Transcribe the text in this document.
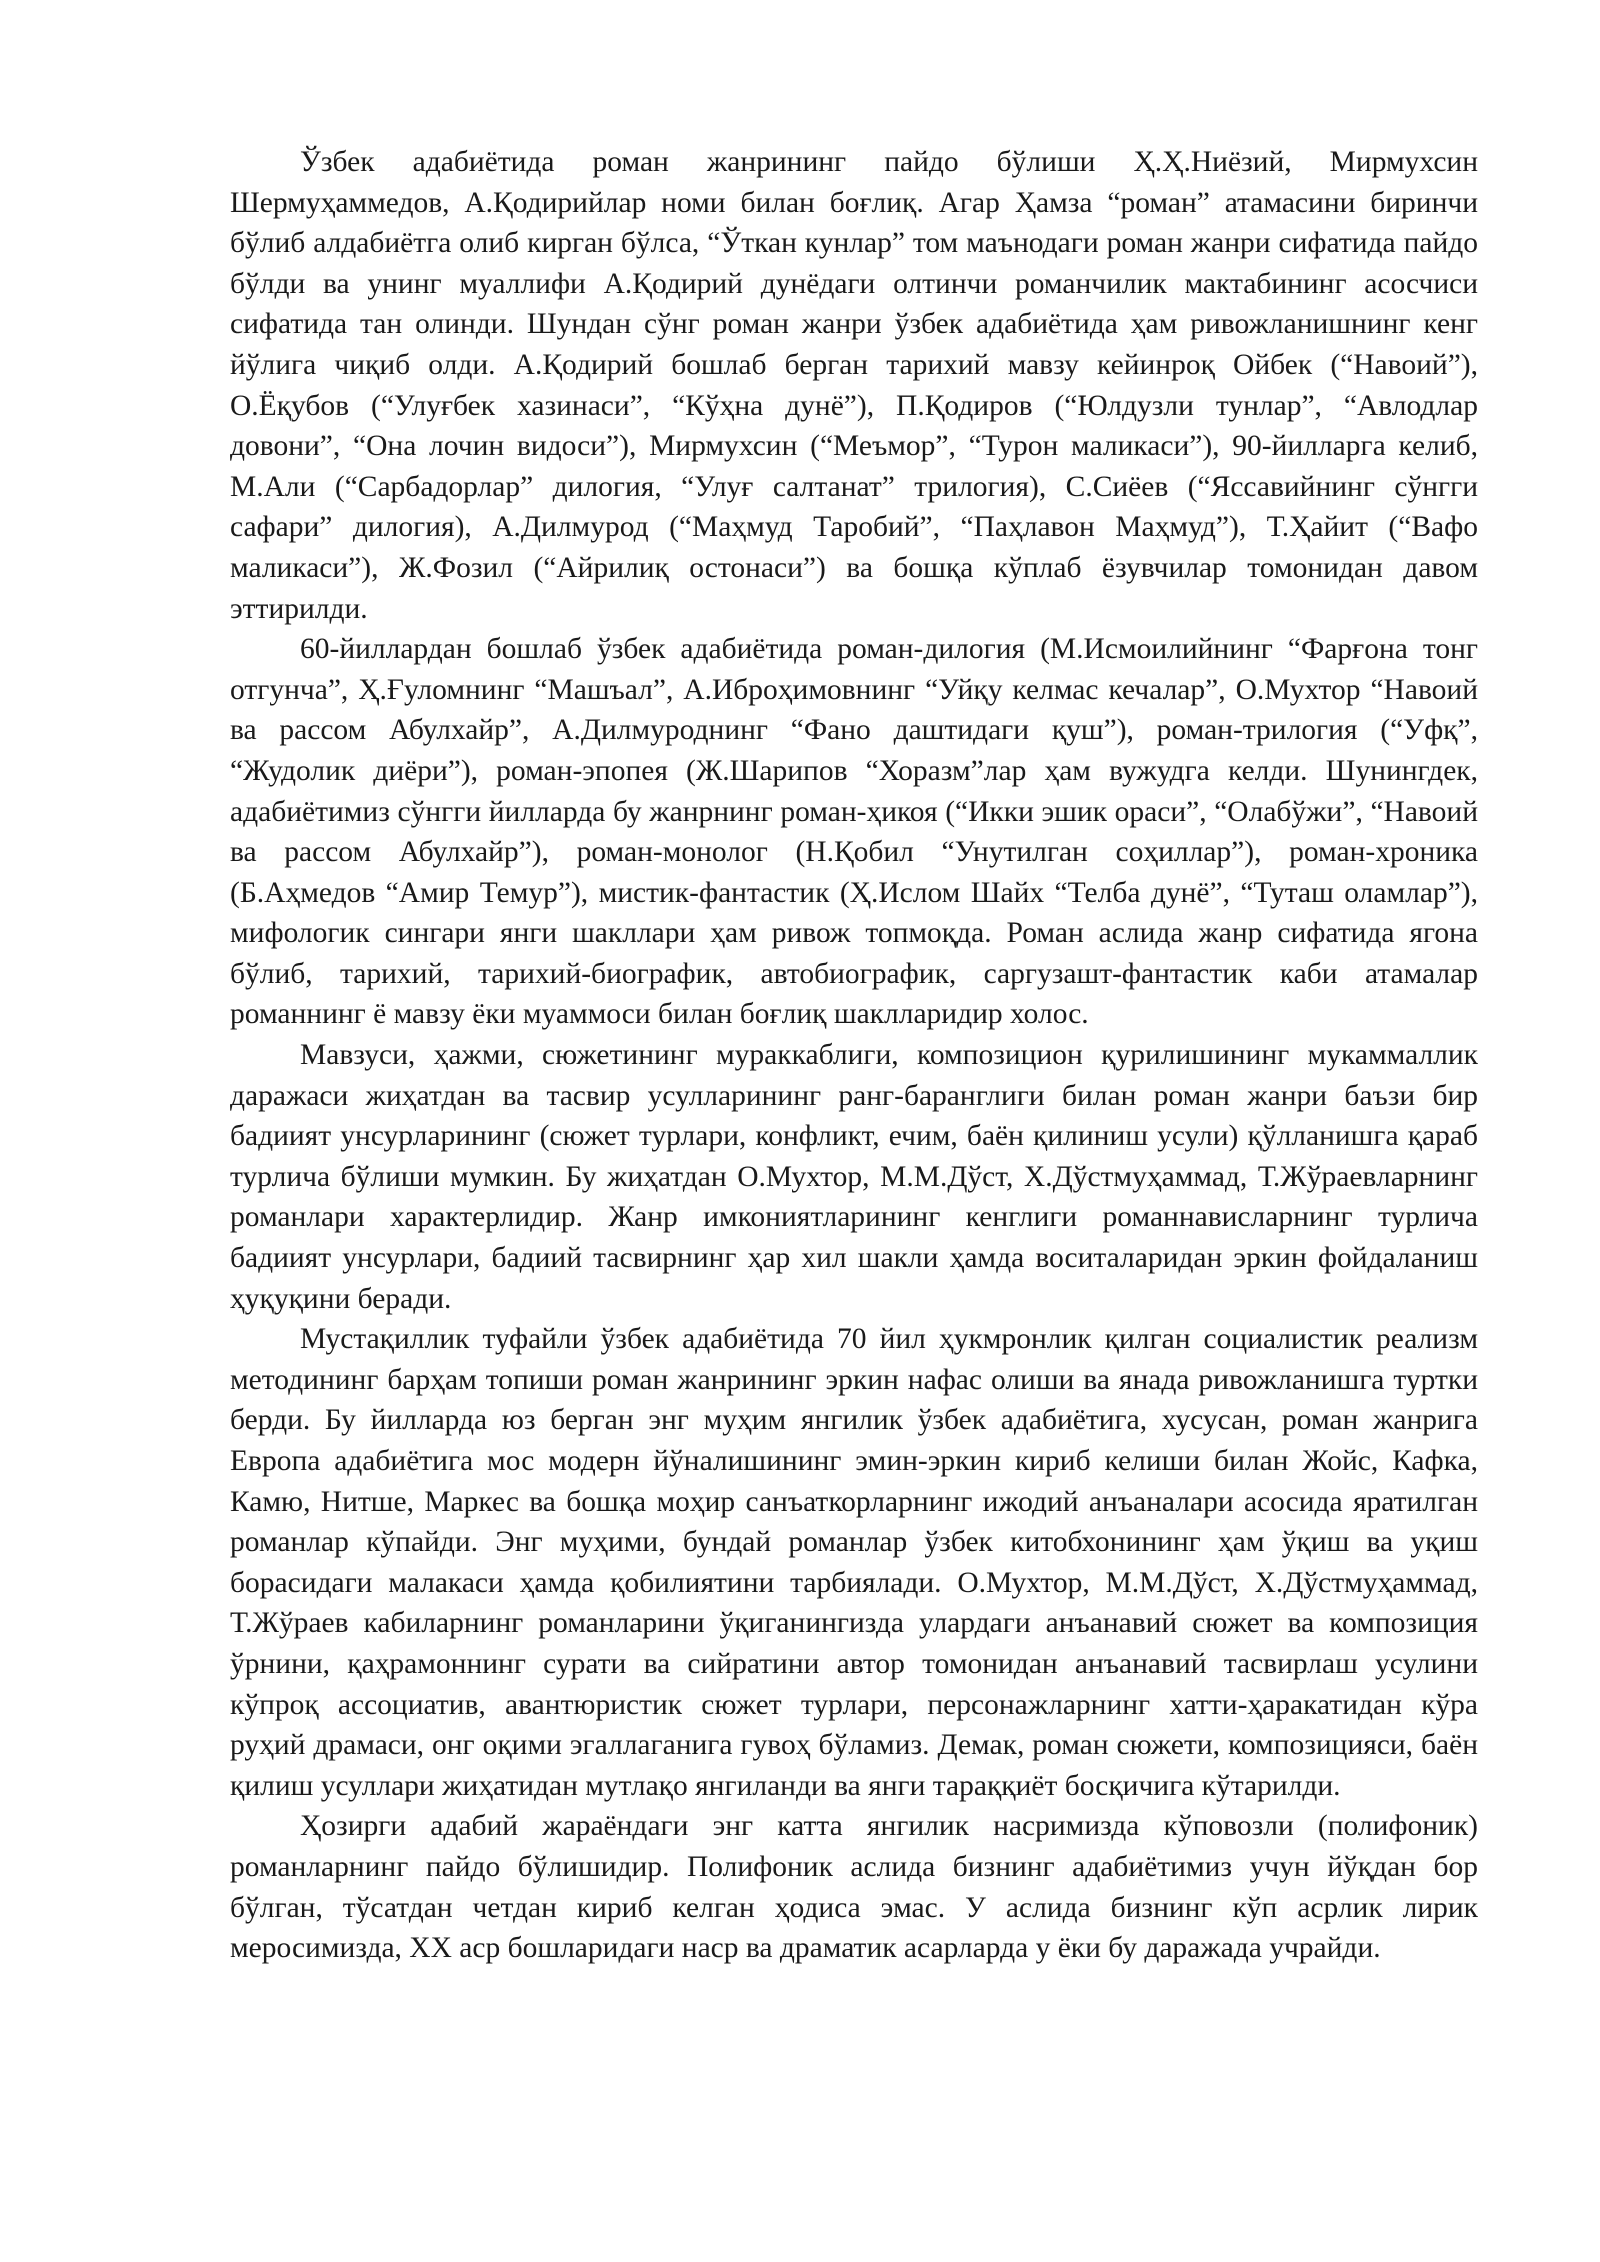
Ўзбек адабиётида роман жанрининг пайдо бўлиши Ҳ.Ҳ.Ниёзий, Мирмухсин Шермуҳаммедов, А.Қодирийлар номи билан боғлиқ. Агар Ҳамза “роман” атамасини биринчи бўлиб алдабиётга олиб кирган бўлса, “Ўткан кунлар” том маънодаги роман жанри сифатида пайдо бўлди ва унинг муаллифи А.Қодирий дунёдаги олтинчи романчилик мактабининг асосчиси сифатида тан олинди. Шундан сўнг роман жанри ўзбек адабиётида ҳам ривожланишнинг кенг йўлига чиқиб олди. А.Қодирий бошлаб берган тарихий мавзу кейинроқ Ойбек (“Навоий”), О.Ёқубов (“Улуғбек хазинаси”, “Кўҳна дунё”), П.Қодиров (“Юлдузли тунлар”, “Авлодлар довони”, “Она лочин видоси”), Мирмухсин (“Меъмор”, “Турон маликаси”), 90-йилларга келиб, М.Али (“Сарбадорлар” дилогия, “Улуғ салтанат” трилогия), С.Сиёев (“Яссавийнинг сўнгги сафари” дилогия), А.Дилмурод (“Маҳмуд Таробий”, “Паҳлавон Маҳмуд”), Т.Ҳайит (“Вафо маликаси”), Ж.Фозил (“Айрилиқ остонаси”) ва бошқа кўплаб ёзувчилар томонидан давом эттирилди.

60-йиллардан бошлаб ўзбек адабиётида роман-дилогия (М.Исмоилийнинг “Фарғона тонг отгунча”, Ҳ.Ғуломнинг “Машъал”, А.Иброҳимовнинг “Уйқу келмас кечалар”, О.Мухтор “Навоий ва рассом Абулхайр”, А.Дилмуроднинг “Фано даштидаги қуш”), роман-трилогия (“Уфқ”, “Жудолик диёри”), роман-эпопея (Ж.Шарипов “Хоразм”лар ҳам вужудга келди. Шунингдек, адабиётимиз сўнгги йилларда бу жанрнинг роман-ҳикоя (“Икки эшик ораси”, “Олабўжи”, “Навоий ва рассом Абулхайр”), роман-монолог (Н.Қобил “Унутилган соҳиллар”), роман-хроника (Б.Аҳмедов “Амир Темур”), мистик-фантастик (Ҳ.Ислом Шайх “Телба дунё”, “Туташ оламлар”), мифологик сингари янги шакллари ҳам ривож топмоқда. Роман аслида жанр сифатида ягона бўлиб, тарихий, тарихий-биографик, автобиографик, саргузашт-фантастик каби атамалар романнинг ё мавзу ёки муаммоси билан боғлиқ шаклларидир холос.

Мавзуси, ҳажми, сюжетининг мураккаблиги, композицион қурилишининг мукаммаллик даражаси жиҳатдан ва тасвир усулларининг ранг-баранглиги билан роман жанри баъзи бир бадиият унсурларининг (сюжет турлари, конфликт, ечим, баён қилиниш усули) қўлланишга қараб турлича бўлиши мумкин. Бу жиҳатдан О.Мухтор, М.М.Дўст, Х.Дўстмуҳаммад, Т.Жўраевларнинг романлари характерлидир. Жанр имкониятларининг кенглиги романнависларнинг турлича бадиият унсурлари, бадиий тасвирнинг ҳар хил шакли ҳамда воситаларидан эркин фойдаланиш ҳуқуқини беради.

Мустақиллик туфайли ўзбек адабиётида 70 йил ҳукмронлик қилган социалистик реализм методининг барҳам топиши роман жанрининг эркин нафас олиши ва янада ривожланишга туртки берди. Бу йилларда юз берган энг муҳим янгилик ўзбек адабиётига, хусусан, роман жанрига Европа адабиётига мос модерн йўналишининг эмин-эркин кириб келиши билан Жойс, Кафка, Камю, Нитше, Маркес ва бошқа моҳир санъаткорларнинг ижодий анъаналари асосида яратилган романлар кўпайди. Энг муҳими, бундай романлар ўзбек китобхонининг ҳам ўқиш ва уқиш борасидаги малакаси ҳамда қобилиятини тарбиялади. О.Мухтор, М.М.Дўст, Х.Дўстмуҳаммад, Т.Жўраев кабиларнинг романларини ўқиганингизда улардаги анъанавий сюжет ва композиция ўрнини, қаҳрамоннинг сурати ва сийратини автор томонидан анъанавий тасвирлаш усулини кўпроқ ассоциатив, авантюристик сюжет турлари, персонажларнинг хатти-ҳаракатидан кўра руҳий драмаси, онг оқими эгаллаганига гувоҳ бўламиз. Демак, роман сюжети, композицияси, баён қилиш усуллари жиҳатидан мутлақо янгиланди ва янги тараққиёт босқичига кўтарилди.

Ҳозирги адабий жараёндаги энг катта янгилик насримизда кўповозли (полифоник) романларнинг пайдо бўлишидир. Полифоник аслида бизнинг адабиётимиз учун йўқдан бор бўлган, тўсатдан четдан кириб келган ҳодиса эмас. У аслида бизнинг кўп асрлик лирик меросимизда, ХХ аср бошларидаги наср ва драматик асарларда у ёки бу даражада учрайди.
